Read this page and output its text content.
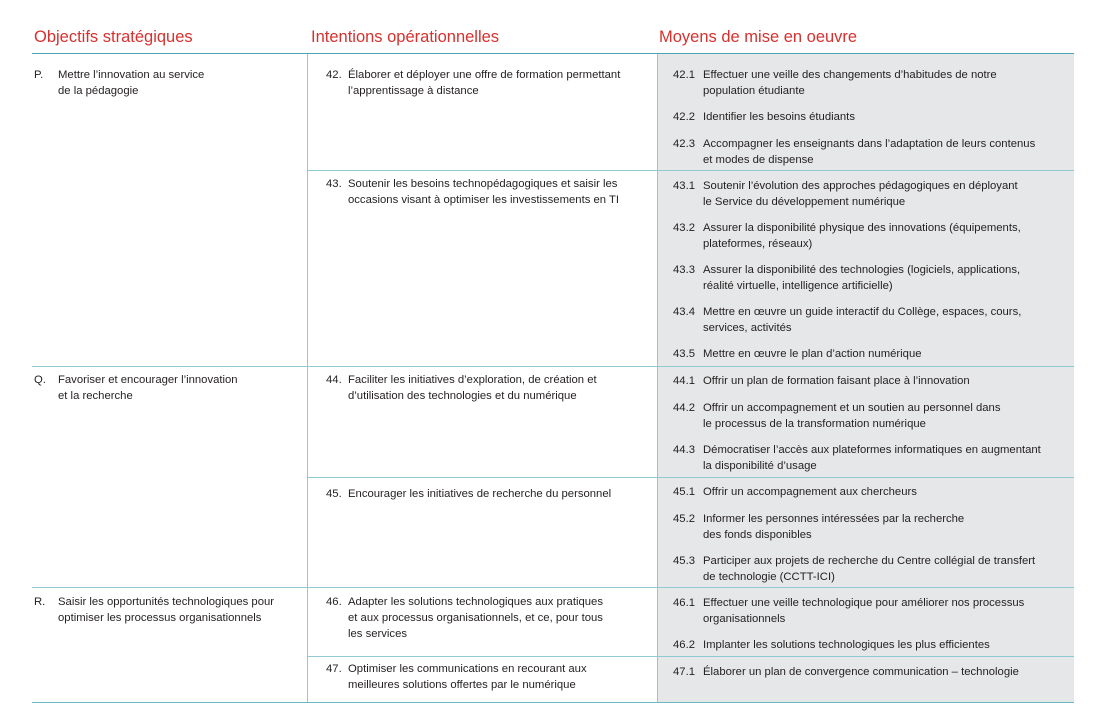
Objectifs stratégiques	Intentions opérationnelles	Moyens de mise en oeuvre
P. Mettre l’innovation au service
de la pédagogie
Q. Favoriser et encourager l’innovation
et la recherche
R. Saisir les opportunités technologiques pour
optimiser les processus organisationnels
42. Élaborer et déployer une offre de formation permettant
l’apprentissage à distance
43. Soutenir les besoins technopédagogiques et saisir les
occasions visant à optimiser les investissements en TI
44. Faciliter les initiatives d’exploration, de création et
d’utilisation des technologies et du numérique
45. Encourager les initiatives de recherche du personnel
46. Adapter les solutions technologiques aux pratiques
et aux processus organisationnels, et ce, pour tous
les services
47. Optimiser les communications en recourant aux
meilleures solutions offertes par le numérique
42.1 Effectuer une veille des changements d’habitudes de notre
population étudiante
42.2 Identifier les besoins étudiants
42.3 Accompagner les enseignants dans l’adaptation de leurs contenus
et modes de dispense
43.1 Soutenir l’évolution des approches pédagogiques en déployant
le Service du développement numérique
43.2 Assurer la disponibilité physique des innovations (équipements,
plateformes, réseaux)
43.3 Assurer la disponibilité des technologies (logiciels, applications,
réalité virtuelle, intelligence artificielle)
43.4 Mettre en œuvre un guide interactif du Collège, espaces, cours,
services, activités
43.5 Mettre en œuvre le plan d’action numérique
44.1 Offrir un plan de formation faisant place à l’innovation
44.2 Offrir un accompagnement et un soutien au personnel dans
le processus de la transformation numérique
44.3 Démocratiser l’accès aux plateformes informatiques en augmentant
la disponibilité d’usage
45.1 Offrir un accompagnement aux chercheurs
45.2 Informer les personnes intéressées par la recherche
des fonds disponibles
45.3 Participer aux projets de recherche du Centre collégial de transfert
de technologie (CCTT-ICI)
46.1 Effectuer une veille technologique pour améliorer nos processus
organisationnels
46.2 Implanter les solutions technologiques les plus efficientes
47.1 Élaborer un plan de convergence communication – technologie
